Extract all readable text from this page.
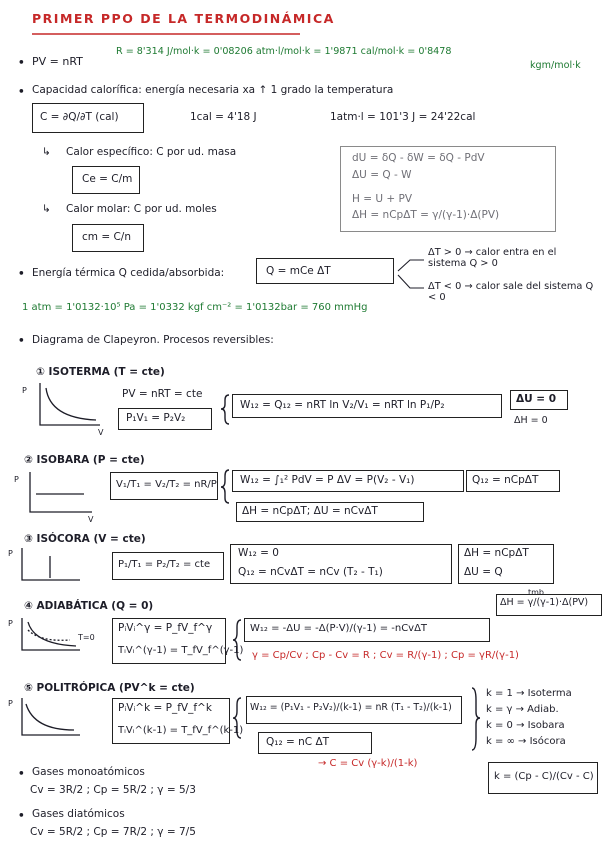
PRIMER PPO DE LA TERMODINÁMICA
• PV = nRT
R = 8'314 J/mol·k = 0'08206 atm·l/mol·k = 1'9871 cal/mol·k = 0'8478
kgm/mol·k
• Capacidad calorífica: energía necesaria xa ↑ 1 grado la temperatura
C = ∂Q/∂T (cal)	1cal = 4'18 J	1atm·l = 101'3 J = 24'22cal
↳ Calor específico: C por ud. masa
Ce = C/m
↳ Calor molar: C por ud. moles
cm = C/n
dU = δQ - δW = δQ - PdV
ΔU = Q - W
H = U + PV
ΔH = nCpΔT = γ/(γ-1)·Δ(PV)
• Energía térmica Q cedida/absorbida:	Q = mCe ΔT
ΔT > 0 → calor entra en el sistema Q > 0
ΔT < 0 → calor sale del sistema Q < 0
1 atm = 1'0132·10⁵ Pa = 1'0332 kgf cm⁻² = 1'0132bar = 760 mmHg
• Diagrama de Clapeyron. Procesos reversibles:
P
V
P
V
P
P
P
① ISOTERMA (T = cte)
PV = nRT = cte
P₁V₁ = P₂V₂
W₁₂ = Q₁₂ = nRT ln V₂/V₁ = nRT ln P₁/P₂	ΔU = 0
ΔH = 0
② ISOBARA (P = cte)
V₁/T₁ = V₂/T₂ = nR/P W₁₂ = ∫₁² PdV = P ΔV = P(V₂ - V₁)	Q₁₂ = nCpΔT
ΔH = nCpΔT; ΔU = nCvΔT
③ ISÓCORA (V = cte)
P₁/T₁ = P₂/T₂ = cte
W₁₂ = 0
Q₁₂ = nCvΔT = nCv (T₂ - T₁)
ΔH = nCpΔT
ΔU = Q
tmb
④ ADIABÁTICA (Q = 0)
T=0
PᵢVᵢ^γ = P_fV_f^γ
TᵢVᵢ^(γ-1) = T_fV_f^(γ-1)
W₁₂ = -ΔU = -Δ(P·V)/(γ-1) = -nCvΔT
ΔH = γ/(γ-1)·Δ(PV)
γ = Cp/Cv ; Cp - Cv = R ; Cv = R/(γ-1) ; Cp = γR/(γ-1)
⑤ POLITRÓPICA (PV^k = cte)
PᵢVᵢ^k = P_fV_f^k
TᵢVᵢ^(k-1) = T_fV_f^(k-1)
W₁₂ = (P₁V₁ - P₂V₂)/(k-1) = nR (T₁ - T₂)/(k-1)
Q₁₂ = nC ΔT
→ C = Cv (γ-k)/(1-k)
k = 1 → Isoterma
k = γ → Adiab.
k = 0 → Isobara
k = ∞ → Isócora
k = (Cp - C)/(Cv - C)
• Gases monoatómicos
Cv = 3R/2 ; Cp = 5R/2 ; γ = 5/3
• Gases diatómicos
Cv = 5R/2 ; Cp = 7R/2 ; γ = 7/5
